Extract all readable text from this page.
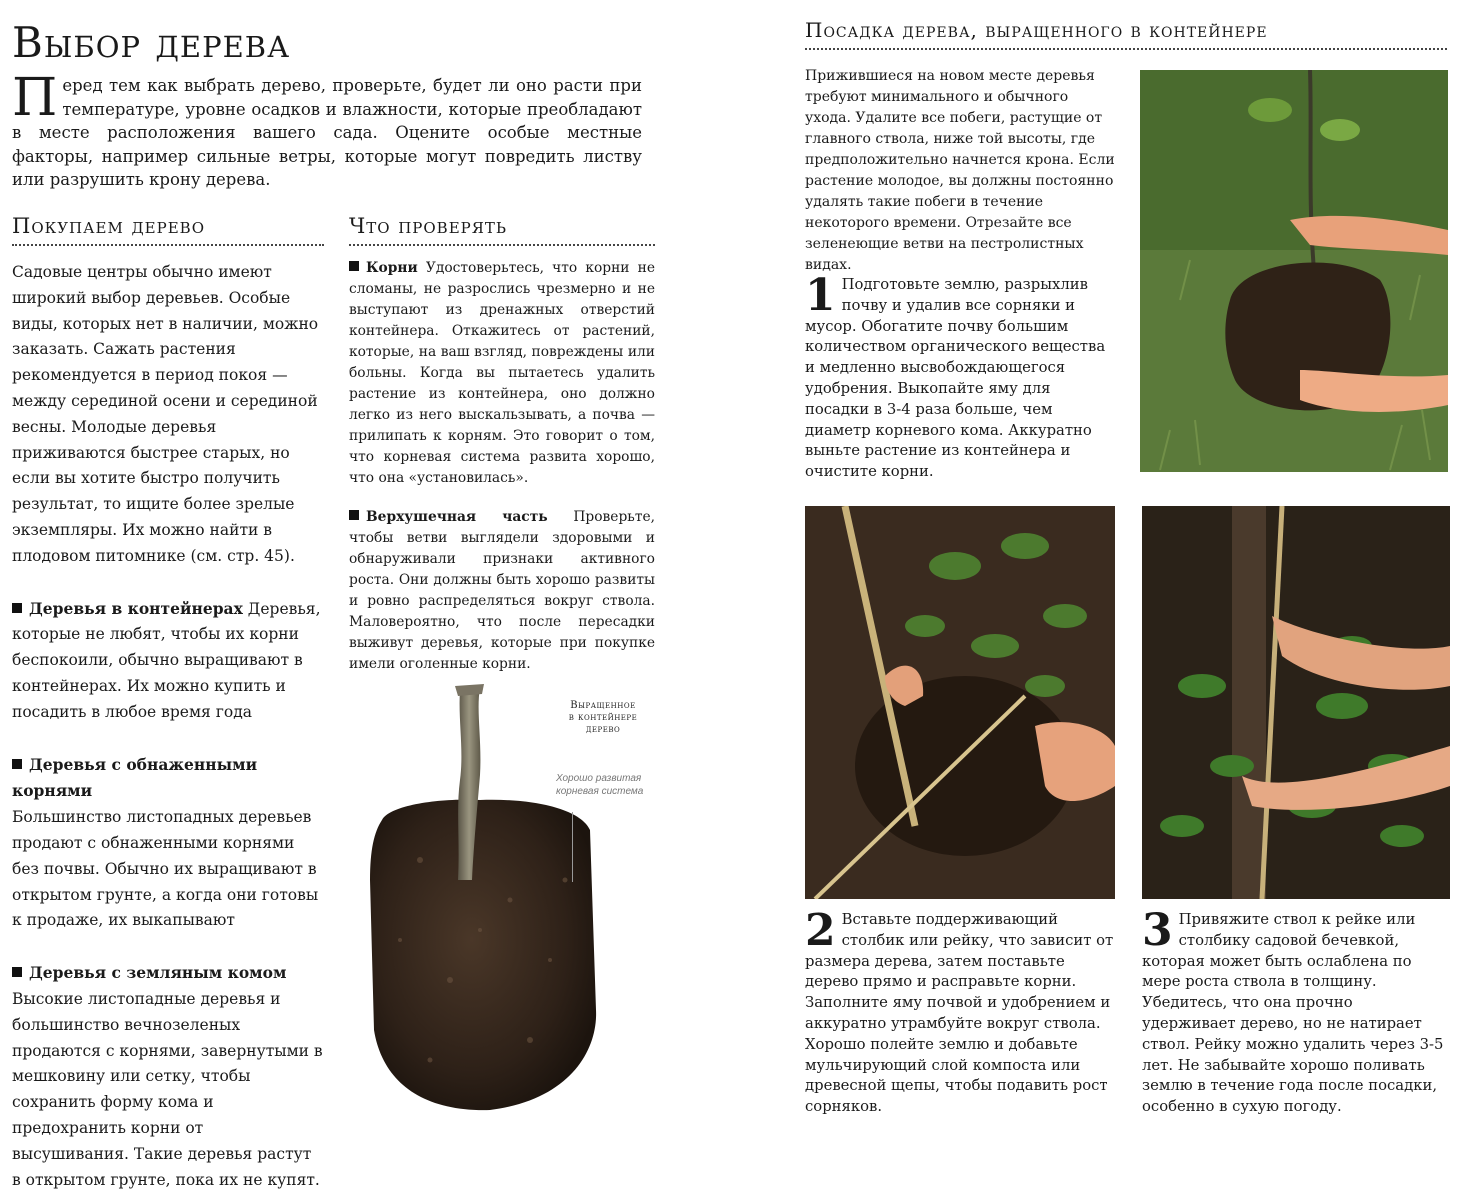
Выбор дерева

Перед тем как выбрать дерево, проверьте, будет ли оно расти при температуре, уровне осадков и влажности, которые преобладают в месте расположения вашего сада. Оцените особые местные факторы, например сильные ветры, которые могут повредить листву или разрушить крону дерева.

Покупаем дерево

Садовые центры обычно имеют широкий выбор деревьев. Особые виды, которых нет в наличии, можно заказать. Сажать растения рекомендуется в период покоя — между серединой осени и серединой весны. Молодые деревья приживаются быстрее старых, но если вы хотите быстро получить результат, то ищите более зрелые экземпляры. Их можно найти в плодовом питомнике (см. стр. 45).

Деревья в контейнерах Деревья, которые не любят, чтобы их корни беспокоили, обычно выращивают в контейнерах. Их можно купить и посадить в любое время года
Деревья с обнаженными корнями

Большинство листопадных деревьев продают с обнаженными корнями без почвы. Обычно их выращивают в открытом грунте, а когда они готовы к продаже, их выкапывают

Деревья с земляным комом

Высокие листопадные деревья и большинство вечнозеленых продаются с корнями, завернутыми в мешковину или сетку, чтобы сохранить форму кома и предохранить корни от высушивания. Такие деревья растут в открытом грунте, пока их не купят.

Что проверять

Корни Удостоверьтесь, что корни не сломаны, не разрослись чрезмерно и не выступают из дренажных отверстий контейнера. Откажитесь от растений, которые, на ваш взгляд, повреждены или больны. Когда вы пытаетесь удалить растение из контейнера, оно должно легко из него выскальзывать, а почва — прилипать к корням. Это говорит о том, что корневая система развита хорошо, что она «установилась».

Верхушечная часть Проверьте, чтобы ветви выглядели здоровыми и обнаруживали признаки активного роста. Они должны быть хорошо развиты и ровно распределяться вокруг ствола. Маловероятно, что после пересадки выживут деревья, которые при покупке имели оголенные корни.

Выращенное
в контейнере
дерево
Хорошо развитая
корневая система
Посадка дерева, выращенного в контейнере

Прижившиеся на новом месте деревья требуют минимального и обычного ухода. Удалите все побеги, растущие от главного ствола, ниже той высоты, где предположительно начнется крона. Если растение молодое, вы должны постоянно удалять такие побеги в течение некоторого времени. Отрезайте все зеленеющие ветви на пестролистных видах.

1 Подготовьте землю, разрыхлив почву и удалив все сорняки и мусор. Обогатите почву большим количеством органического вещества и медленно высвобождающегося удобрения. Выкопайте яму для посадки в 3-4 раза больше, чем диаметр корневого кома. Аккуратно выньте растение из контейнера и очистите корни.
2 Вставьте поддерживающий столбик или рейку, что зависит от размера дерева, затем поставьте дерево прямо и расправьте корни. Заполните яму почвой и удобрением и аккуратно утрамбуйте вокруг ствола. Хорошо полейте землю и добавьте мульчирующий слой компоста или древесной щепы, чтобы подавить рост сорняков.
3 Привяжите ствол к рейке или столбику садовой бечевкой, которая может быть ослаблена по мере роста ствола в толщину. Убедитесь, что она прочно удерживает дерево, но не натирает ствол. Рейку можно удалить через 3-5 лет. Не забывайте хорошо поливать землю в течение года после посадки, особенно в сухую погоду.
